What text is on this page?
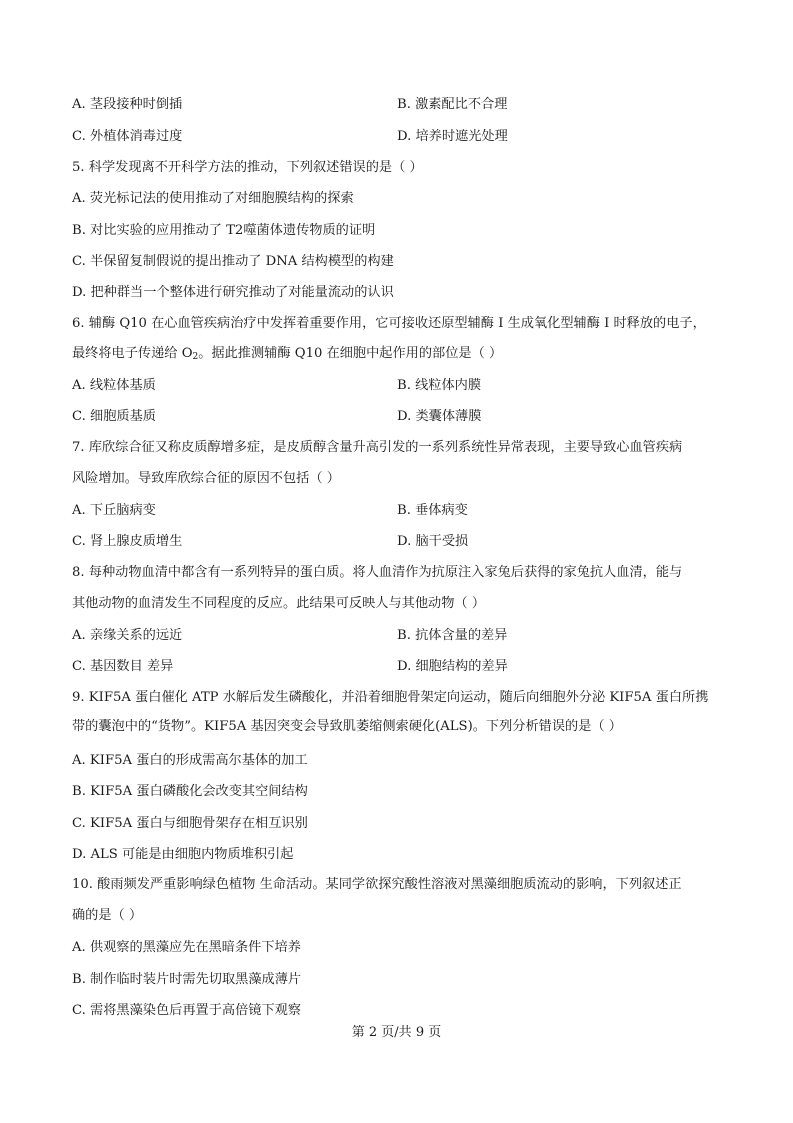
A. 茎段接种时倒插	B. 激素配比不合理
C. 外植体消毒过度	D. 培养时遮光处理
5. 科学发现离不开科学方法的推动，下列叙述错误的是（ ）
A. 荧光标记法的使用推动了对细胞膜结构的探索
B. 对比实验的应用推动了 T2噬菌体遗传物质的证明
C. 半保留复制假说的提出推动了 DNA 结构模型的构建
D. 把种群当一个整体进行研究推动了对能量流动的认识
6. 辅酶 Q10 在心血管疾病治疗中发挥着重要作用，它可接收还原型辅酶 I 生成氧化型辅酶 I 时释放的电子，
最终将电子传递给 $O_2$。据此推测辅酶 Q10 在细胞中起作用的部位是（ ）
A. 线粒体基质	B. 线粒体内膜
C. 细胞质基质	D. 类囊体薄膜
7. 库欣综合征又称皮质醇增多症，是皮质醇含量升高引发的一系列系统性异常表现，主要导致心血管疾病
风险增加。导致库欣综合征的原因不包括（ ）
A. 下丘脑病变	B. 垂体病变
C. 肾上腺皮质增生	D. 脑干受损
8. 每种动物血清中都含有一系列特异的蛋白质。将人血清作为抗原注入家兔后获得的家兔抗人血清，能与
其他动物的血清发生不同程度的反应。此结果可反映人与其他动物（ ）
A. 亲缘关系的远近	B. 抗体含量的差异
C. 基因数目 差异	D. 细胞结构的差异
9. KIF5A 蛋白催化 ATP 水解后发生磷酸化，并沿着细胞骨架定向运动，随后向细胞外分泌 KIF5A 蛋白所携
带的囊泡中的“货物”。KIF5A 基因突变会导致肌萎缩侧索硬化(ALS)。下列分析错误的是（ ）
A. KIF5A 蛋白的形成需高尔基体的加工
B. KIF5A 蛋白磷酸化会改变其空间结构
C. KIF5A 蛋白与细胞骨架存在相互识别
D. ALS 可能是由细胞内物质堆积引起
10. 酸雨频发严重影响绿色植物 生命活动。某同学欲探究酸性溶液对黑藻细胞质流动的影响，下列叙述正
确的是（ ）
A. 供观察的黑藻应先在黑暗条件下培养
B. 制作临时装片时需先切取黑藻成薄片
C. 需将黑藻染色后再置于高倍镜下观察
第 2 页/共 9 页
